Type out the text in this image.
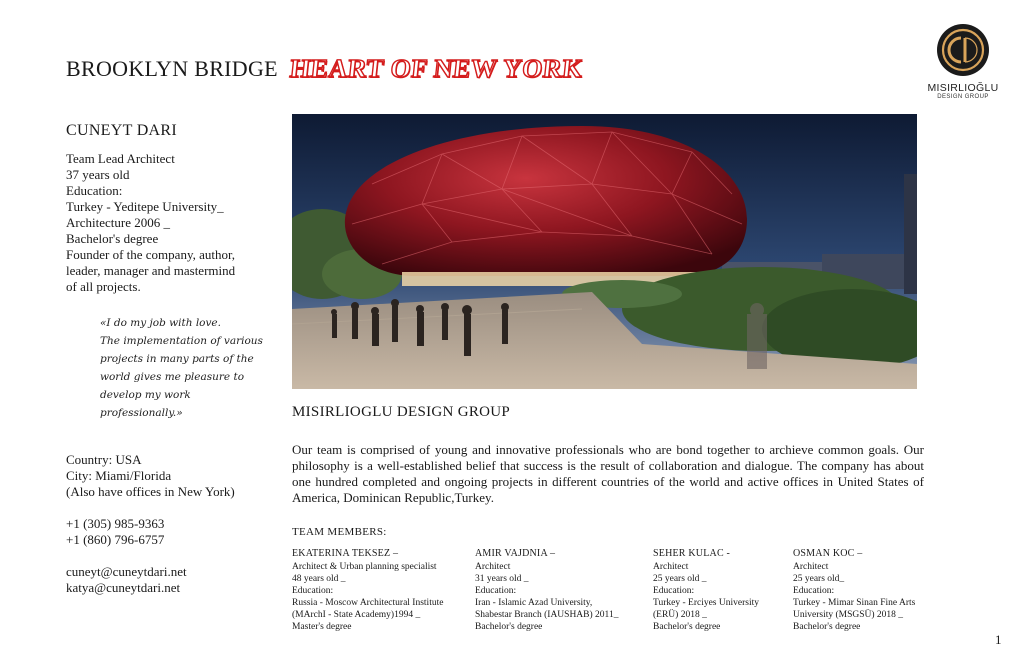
BROOKLYN BRIDGE HEART OF NEW YORK
MISIRLIOĞLU
DESIGN GROUP
CUNEYT DARI
Team Lead Architect
37 years old
Education:
Turkey - Yeditepe University_
Architecture 2006 _
Bachelor's degree
Founder of the company, author,
leader, manager and mastermind
of all projects.
«I do my job with love.
The implementation of various
projects in many parts of the
world gives me pleasure to
develop my work
professionally.»
Country: USA
City: Miami/Florida
(Also have offices in New York)
+1 (305) 985-9363
+1 (860) 796-6757
cuneyt@cuneytdari.net
katya@cuneytdari.net
MISIRLIOGLU DESIGN GROUP
Our team is comprised of young and innovative professionals who are bond together to archieve common goals. Our philosophy is a well-established belief that success is the result of collaboration and dialogue. The company has about one hundred completed and ongoing projects in different countries of the world and active offices in United States of America, Dominican Republic,Turkey.
TEAM MEMBERS:
EKATERINA TEKSEZ –
Architect & Urban planning specialist
48 years old _
Education:
Russia - Moscow Architectural Institute
(MArchI - State Academy)1994 _
Master's degree
AMIR VAJDNIA –
Architect
31 years old _
Education:
Iran - Islamic Azad University,
Shabestar Branch (IAUSHAB) 2011_
Bachelor's degree
SEHER KULAC -
Architect
25 years old _
Education:
Turkey - Erciyes University
(ERÜ) 2018 _
Bachelor's degree
OSMAN KOC –
Architect
25 years old_
Education:
Turkey - Mimar Sinan Fine Arts
University (MSGSÜ) 2018 _
Bachelor's degree
1
